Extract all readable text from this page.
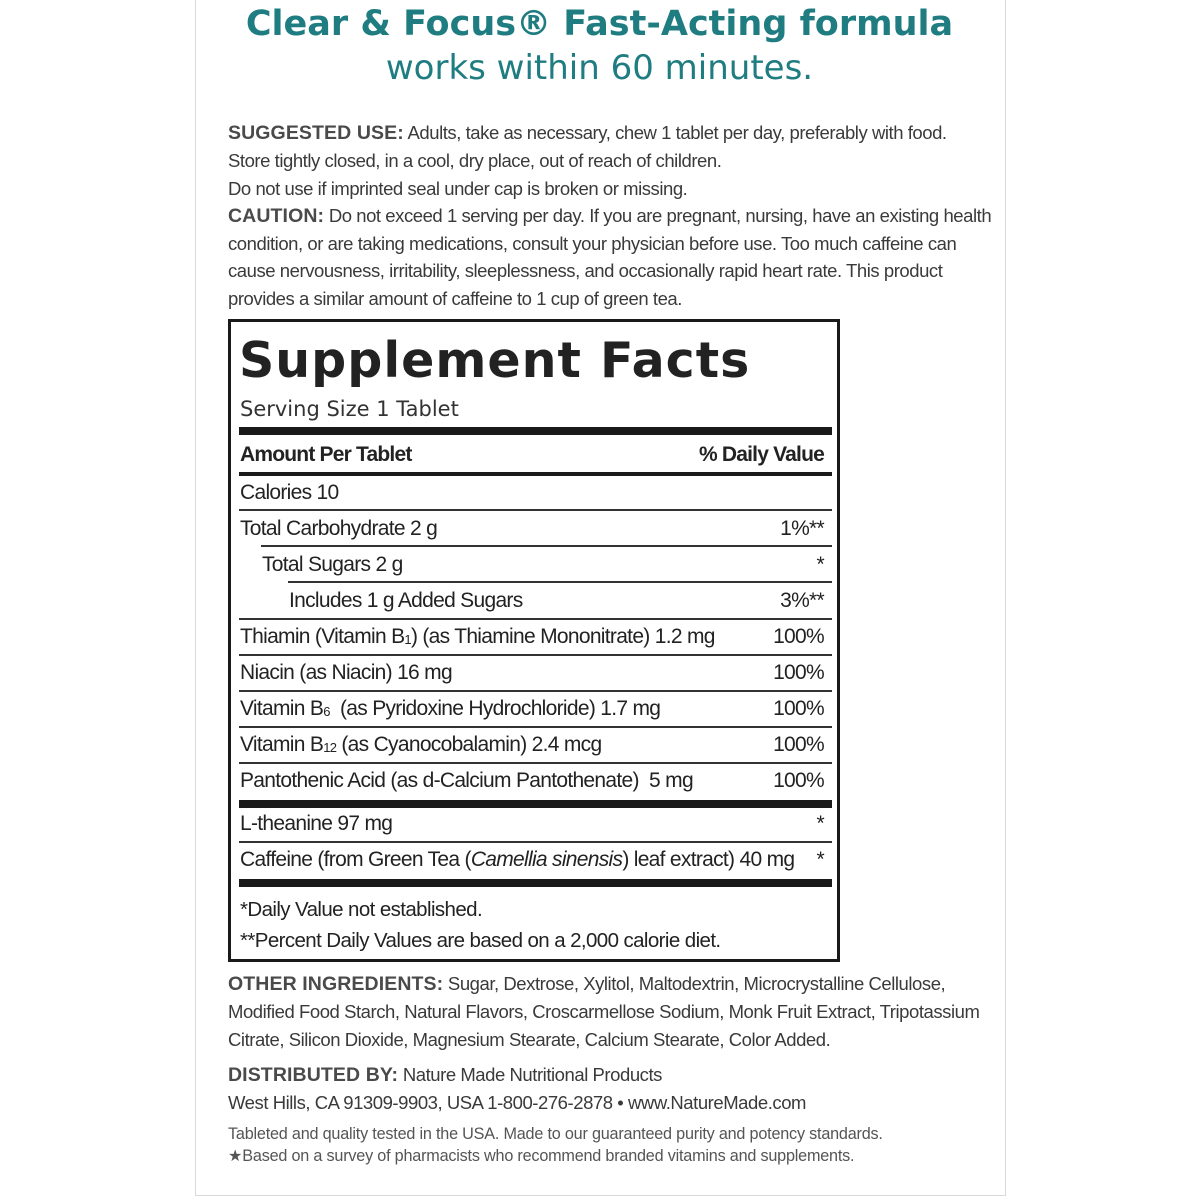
Clear & Focus® Fast-Acting formula
works within 60 minutes.
SUGGESTED USE: Adults, take as necessary, chew 1 tablet per day, preferably with food.
Store tightly closed, in a cool, dry place, out of reach of children.
Do not use if imprinted seal under cap is broken or missing.
CAUTION: Do not exceed 1 serving per day. If you are pregnant, nursing, have an existing health
condition, or are taking medications, consult your physician before use. Too much caffeine can
cause nervousness, irritability, sleeplessness, and occasionally rapid heart rate. This product
provides a similar amount of caffeine to 1 cup of green tea.
Supplement Facts
Serving Size 1 Tablet
Amount Per Tablet	% Daily Value
Calories 10
Total Carbohydrate 2 g	1%**
Total Sugars 2 g	*
Includes 1 g Added Sugars	3%**
Thiamin (Vitamin B1) (as Thiamine Mononitrate) 1.2 mg	100%
Niacin (as Niacin) 16 mg	100%
Vitamin B6  (as Pyridoxine Hydrochloride) 1.7 mg	100%
Vitamin B12 (as Cyanocobalamin) 2.4 mcg	100%
Pantothenic Acid (as d-Calcium Pantothenate)  5 mg	100%
L-theanine 97 mg	*
Caffeine (from Green Tea (Camellia sinensis) leaf extract) 40 mg *
*Daily Value not established.
**Percent Daily Values are based on a 2,000 calorie diet.
OTHER INGREDIENTS: Sugar, Dextrose, Xylitol, Maltodextrin, Microcrystalline Cellulose,
Modified Food Starch, Natural Flavors, Croscarmellose Sodium, Monk Fruit Extract, Tripotassium
Citrate, Silicon Dioxide, Magnesium Stearate, Calcium Stearate, Color Added.
DISTRIBUTED BY: Nature Made Nutritional Products
West Hills, CA 91309-9903, USA 1-800-276-2878 • www.NatureMade.com
Tableted and quality tested in the USA. Made to our guaranteed purity and potency standards.
★Based on a survey of pharmacists who recommend branded vitamins and supplements.
